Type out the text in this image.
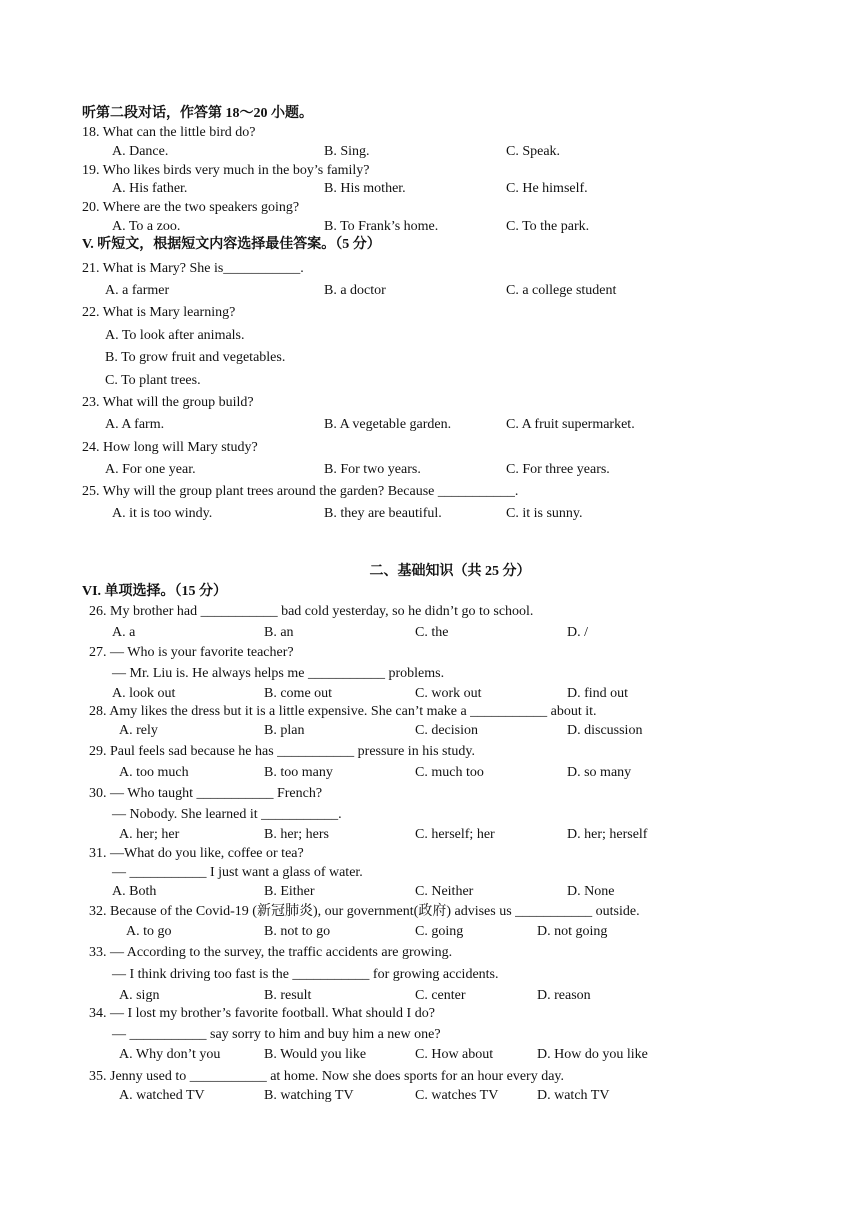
听第二段对话，作答第 18～20 小题。
18. What can the little bird do?
A. Dance.	B. Sing.	C. Speak.
19. Who likes birds very much in the boy’s family?
A. His father.	B. His mother.	C. He himself.
20. Where are the two speakers going?
A. To a zoo.	B. To Frank’s home.	C. To the park.
V. 听短文，根据短文内容选择最佳答案。（5 分）
21. What is Mary? She is___________.
A. a farmer	B. a doctor	C. a college student
22. What is Mary learning?
A. To look after animals.
B. To grow fruit and vegetables.
C. To plant trees.
23. What will the group build?
A. A farm.	B. A vegetable garden.	C. A fruit supermarket.
24. How long will Mary study?
A. For one year.	B. For two years.	C. For three years.
25. Why will the group plant trees around the garden? Because ___________.
A. it is too windy.	B. they are beautiful.	C. it is sunny.
二、基础知识（共 25 分）
VI. 单项选择。（15 分）
26. My brother had ___________ bad cold yesterday, so he didn’t go to school.
A. a	B. an	C. the	D. /
27. — Who is your favorite teacher?
— Mr. Liu is. He always helps me ___________ problems.
A. look out	B. come out	C. work out	D. find out
28. Amy likes the dress but it is a little expensive. She can’t make a ___________ about it.
A. rely	B. plan	C. decision	D. discussion
29. Paul feels sad because he has ___________ pressure in his study.
A. too much	B. too many	C. much too	D. so many
30. — Who taught ___________ French?
— Nobody. She learned it ___________.
A. her; her	B. her; hers	C. herself; her	D. her; herself
31. —What do you like, coffee or tea?
— ___________ I just want a glass of water.
A. Both	B. Either	C. Neither	D. None
32. Because of the Covid-19 (新冠肺炎), our government(政府) advises us ___________ outside.
A. to go	B. not to go	C. going	D. not going
33. — According to the survey, the traffic accidents are growing.
— I think driving too fast is the ___________ for growing accidents.
A. sign	B. result	C. center	D. reason
34. — I lost my brother’s favorite football. What should I do?
— ___________ say sorry to him and buy him a new one?
A. Why don’t you	B. Would you like	C. How about	D. How do you like
35. Jenny used to ___________ at home. Now she does sports for an hour every day.
A. watched TV	B. watching TV	C. watches TV	D. watch TV
